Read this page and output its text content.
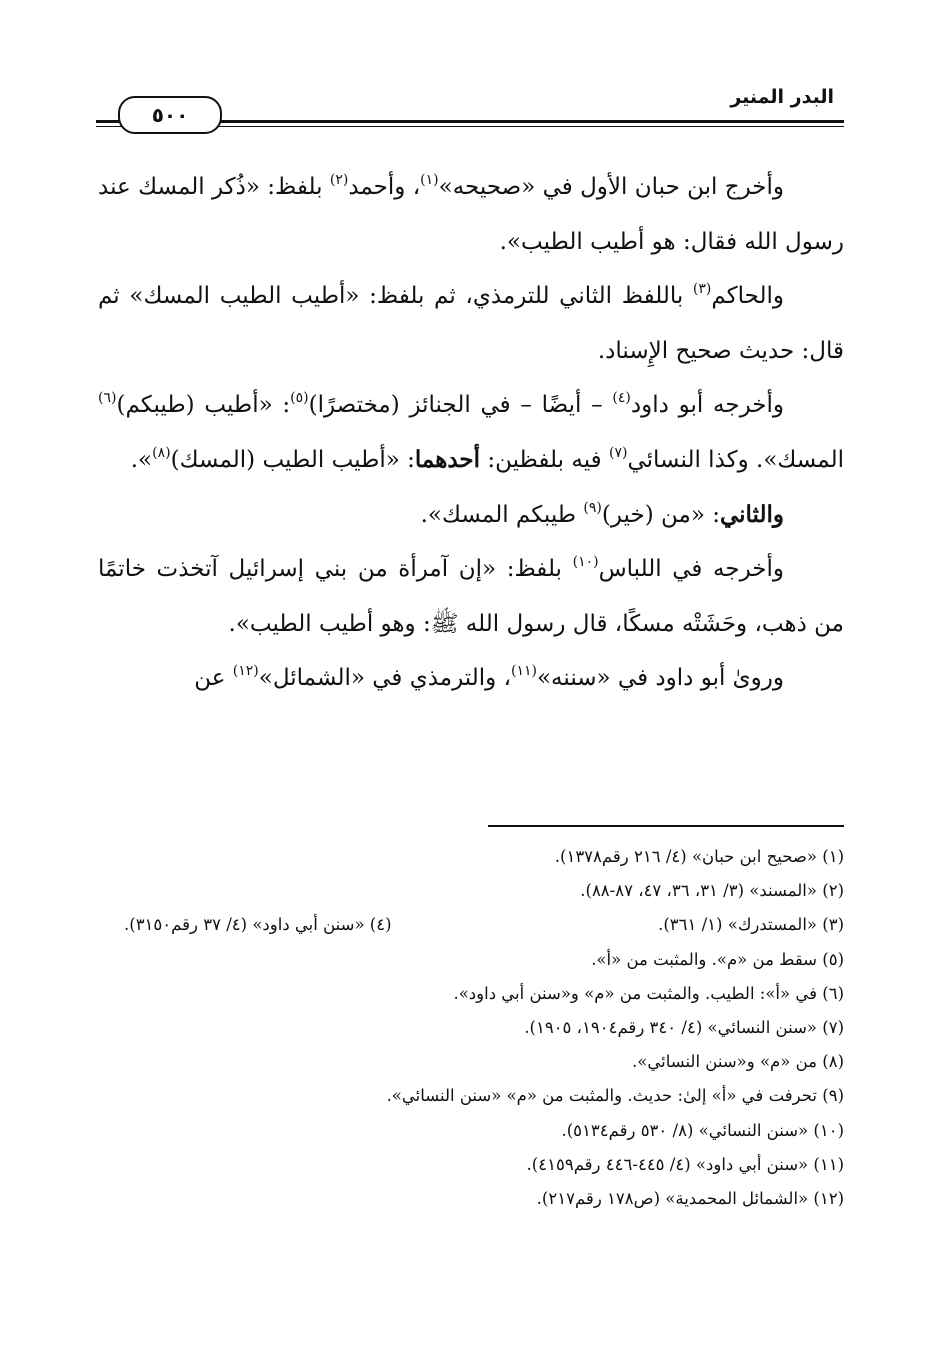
البدر المنير
٥٠٠

وأخرج ابن حبان الأول في «صحيحه»$^{(١)}$، وأحمد$^{(٢)}$ بلفظ: «ذُكر المسك عند رسول الله فقال: هو أطيب الطيب».

والحاكم$^{(٣)}$ باللفظ الثاني للترمذي، ثم بلفظ: «أطيب الطيب المسك» ثم قال: حديث صحيح الإِسناد.

وأخرجه أبو داود$^{(٤)}$ – أيضًا – في الجنائز (مختصرًا)$^{(٥)}$: «أطيب (طيبكم)$^{(٦)}$ المسك». وكذا النسائي$^{(٧)}$ فيه بلفظين: أحدهما: «أطيب الطيب (المسك)$^{(٨)}$».

والثاني: «من (خير)$^{(٩)}$ طيبكم المسك».

وأخرجه في اللباس$^{(١٠)}$ بلفظ: «إن آمرأة من بني إسرائيل آتخذت خاتمًا من ذهب، وحَشَتْه مسكًا، قال رسول الله ﷺ: وهو أطيب الطيب».

وروىٰ أبو داود في «سننه»$^{(١١)}$، والترمذي في «الشمائل»$^{(١٢)}$ عن

(١) «صحيح ابن حبان» (٤/ ٢١٦ رقم١٣٧٨).
(٢) «المسند» (٣/ ٣١، ٣٦، ٤٧، ٨٧-٨٨).
(٣) «المستدرك» (١/ ٣٦١).
(٤) «سنن أبي داود» (٤/ ٣٧ رقم٣١٥٠).
(٥) سقط من «م». والمثبت من «أ».
(٦) في «أ»: الطيب. والمثبت من «م» و«سنن أبي داود».
(٧) «سنن النسائي» (٤/ ٣٤٠ رقم١٩٠٤، ١٩٠٥).
(٨) من «م» و«سنن النسائي».
(٩) تحرفت في «أ» إلىٰ: حديث. والمثبت من «م» «سنن النسائي».
(١٠) «سنن النسائي» (٨/ ٥٣٠ رقم٥١٣٤).
(١١) «سنن أبي داود» (٤/ ٤٤٥-٤٤٦ رقم٤١٥٩).
(١٢) «الشمائل المحمدية» (ص١٧٨ رقم٢١٧).
